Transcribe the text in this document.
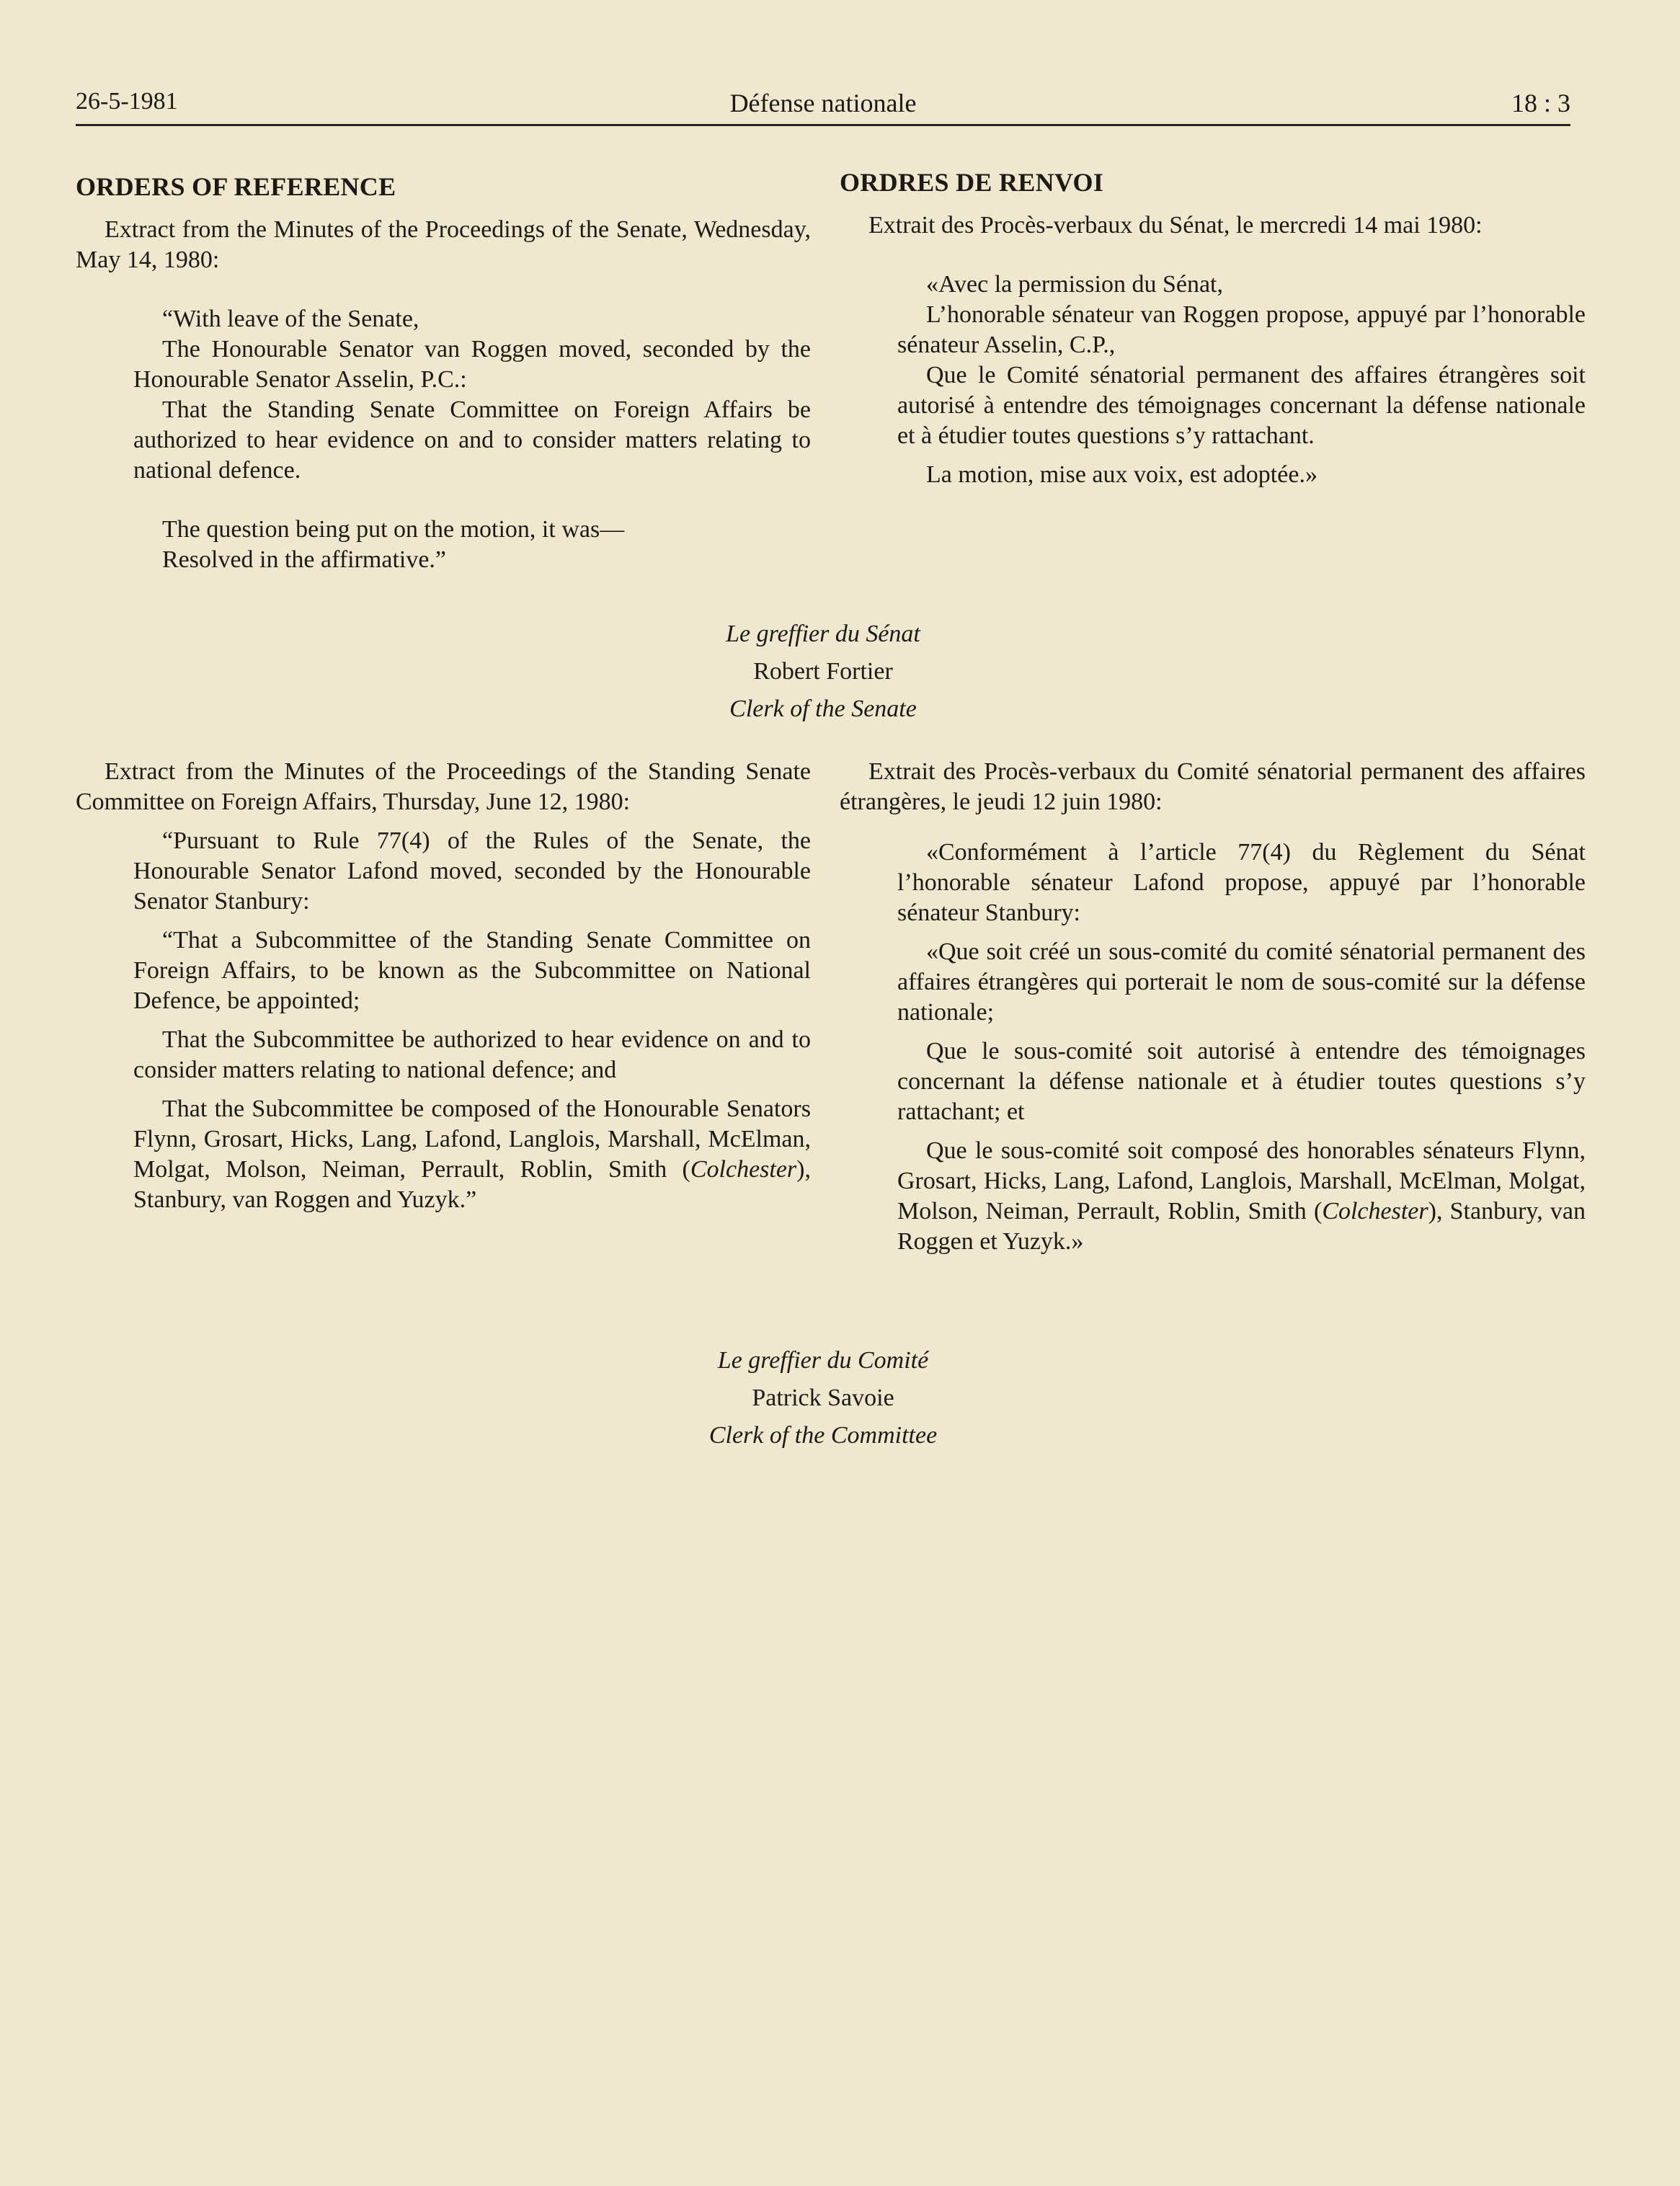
26-5-1981	Défense nationale	18 : 3
ORDERS OF REFERENCE

Extract from the Minutes of the Proceedings of the Senate, Wednesday, May 14, 1980:

“With leave of the Senate,

The Honourable Senator van Roggen moved, seconded by the Honourable Senator Asselin, P.C.:

That the Standing Senate Committee on Foreign Affairs be authorized to hear evidence on and to consider matters relating to national defence.

The question being put on the motion, it was—

Resolved in the affirmative.”

ORDRES DE RENVOI

Extrait des Procès-verbaux du Sénat, le mercredi 14 mai 1980:

«Avec la permission du Sénat,

L’honorable sénateur van Roggen propose, appuyé par l’honorable sénateur Asselin, C.P.,

Que le Comité sénatorial permanent des affaires étrangères soit autorisé à entendre des témoignages concernant la défense nationale et à étudier toutes questions s’y rattachant.

La motion, mise aux voix, est adoptée.»

Le greffier du Sénat
Robert Fortier
Clerk of the Senate

Extract from the Minutes of the Proceedings of the Standing Senate Committee on Foreign Affairs, Thursday, June 12, 1980:

“Pursuant to Rule 77(4) of the Rules of the Senate, the Honourable Senator Lafond moved, seconded by the Honourable Senator Stanbury:

“That a Subcommittee of the Standing Senate Committee on Foreign Affairs, to be known as the Subcommittee on National Defence, be appointed;

That the Subcommittee be authorized to hear evidence on and to consider matters relating to national defence; and

That the Subcommittee be composed of the Honourable Senators Flynn, Grosart, Hicks, Lang, Lafond, Langlois, Marshall, McElman, Molgat, Molson, Neiman, Perrault, Roblin, Smith (Colchester), Stanbury, van Roggen and Yuzyk.”

Extrait des Procès-verbaux du Comité sénatorial permanent des affaires étrangères, le jeudi 12 juin 1980:

«Conformément à l’article 77(4) du Règlement du Sénat l’honorable sénateur Lafond propose, appuyé par l’honorable sénateur Stanbury:

«Que soit créé un sous-comité du comité sénatorial permanent des affaires étrangères qui porterait le nom de sous-comité sur la défense nationale;

Que le sous-comité soit autorisé à entendre des témoignages concernant la défense nationale et à étudier toutes questions s’y rattachant; et

Que le sous-comité soit composé des honorables sénateurs Flynn, Grosart, Hicks, Lang, Lafond, Langlois, Marshall, McElman, Molgat, Molson, Neiman, Perrault, Roblin, Smith (Colchester), Stanbury, van Roggen et Yuzyk.»

Le greffier du Comité
Patrick Savoie
Clerk of the Committee
